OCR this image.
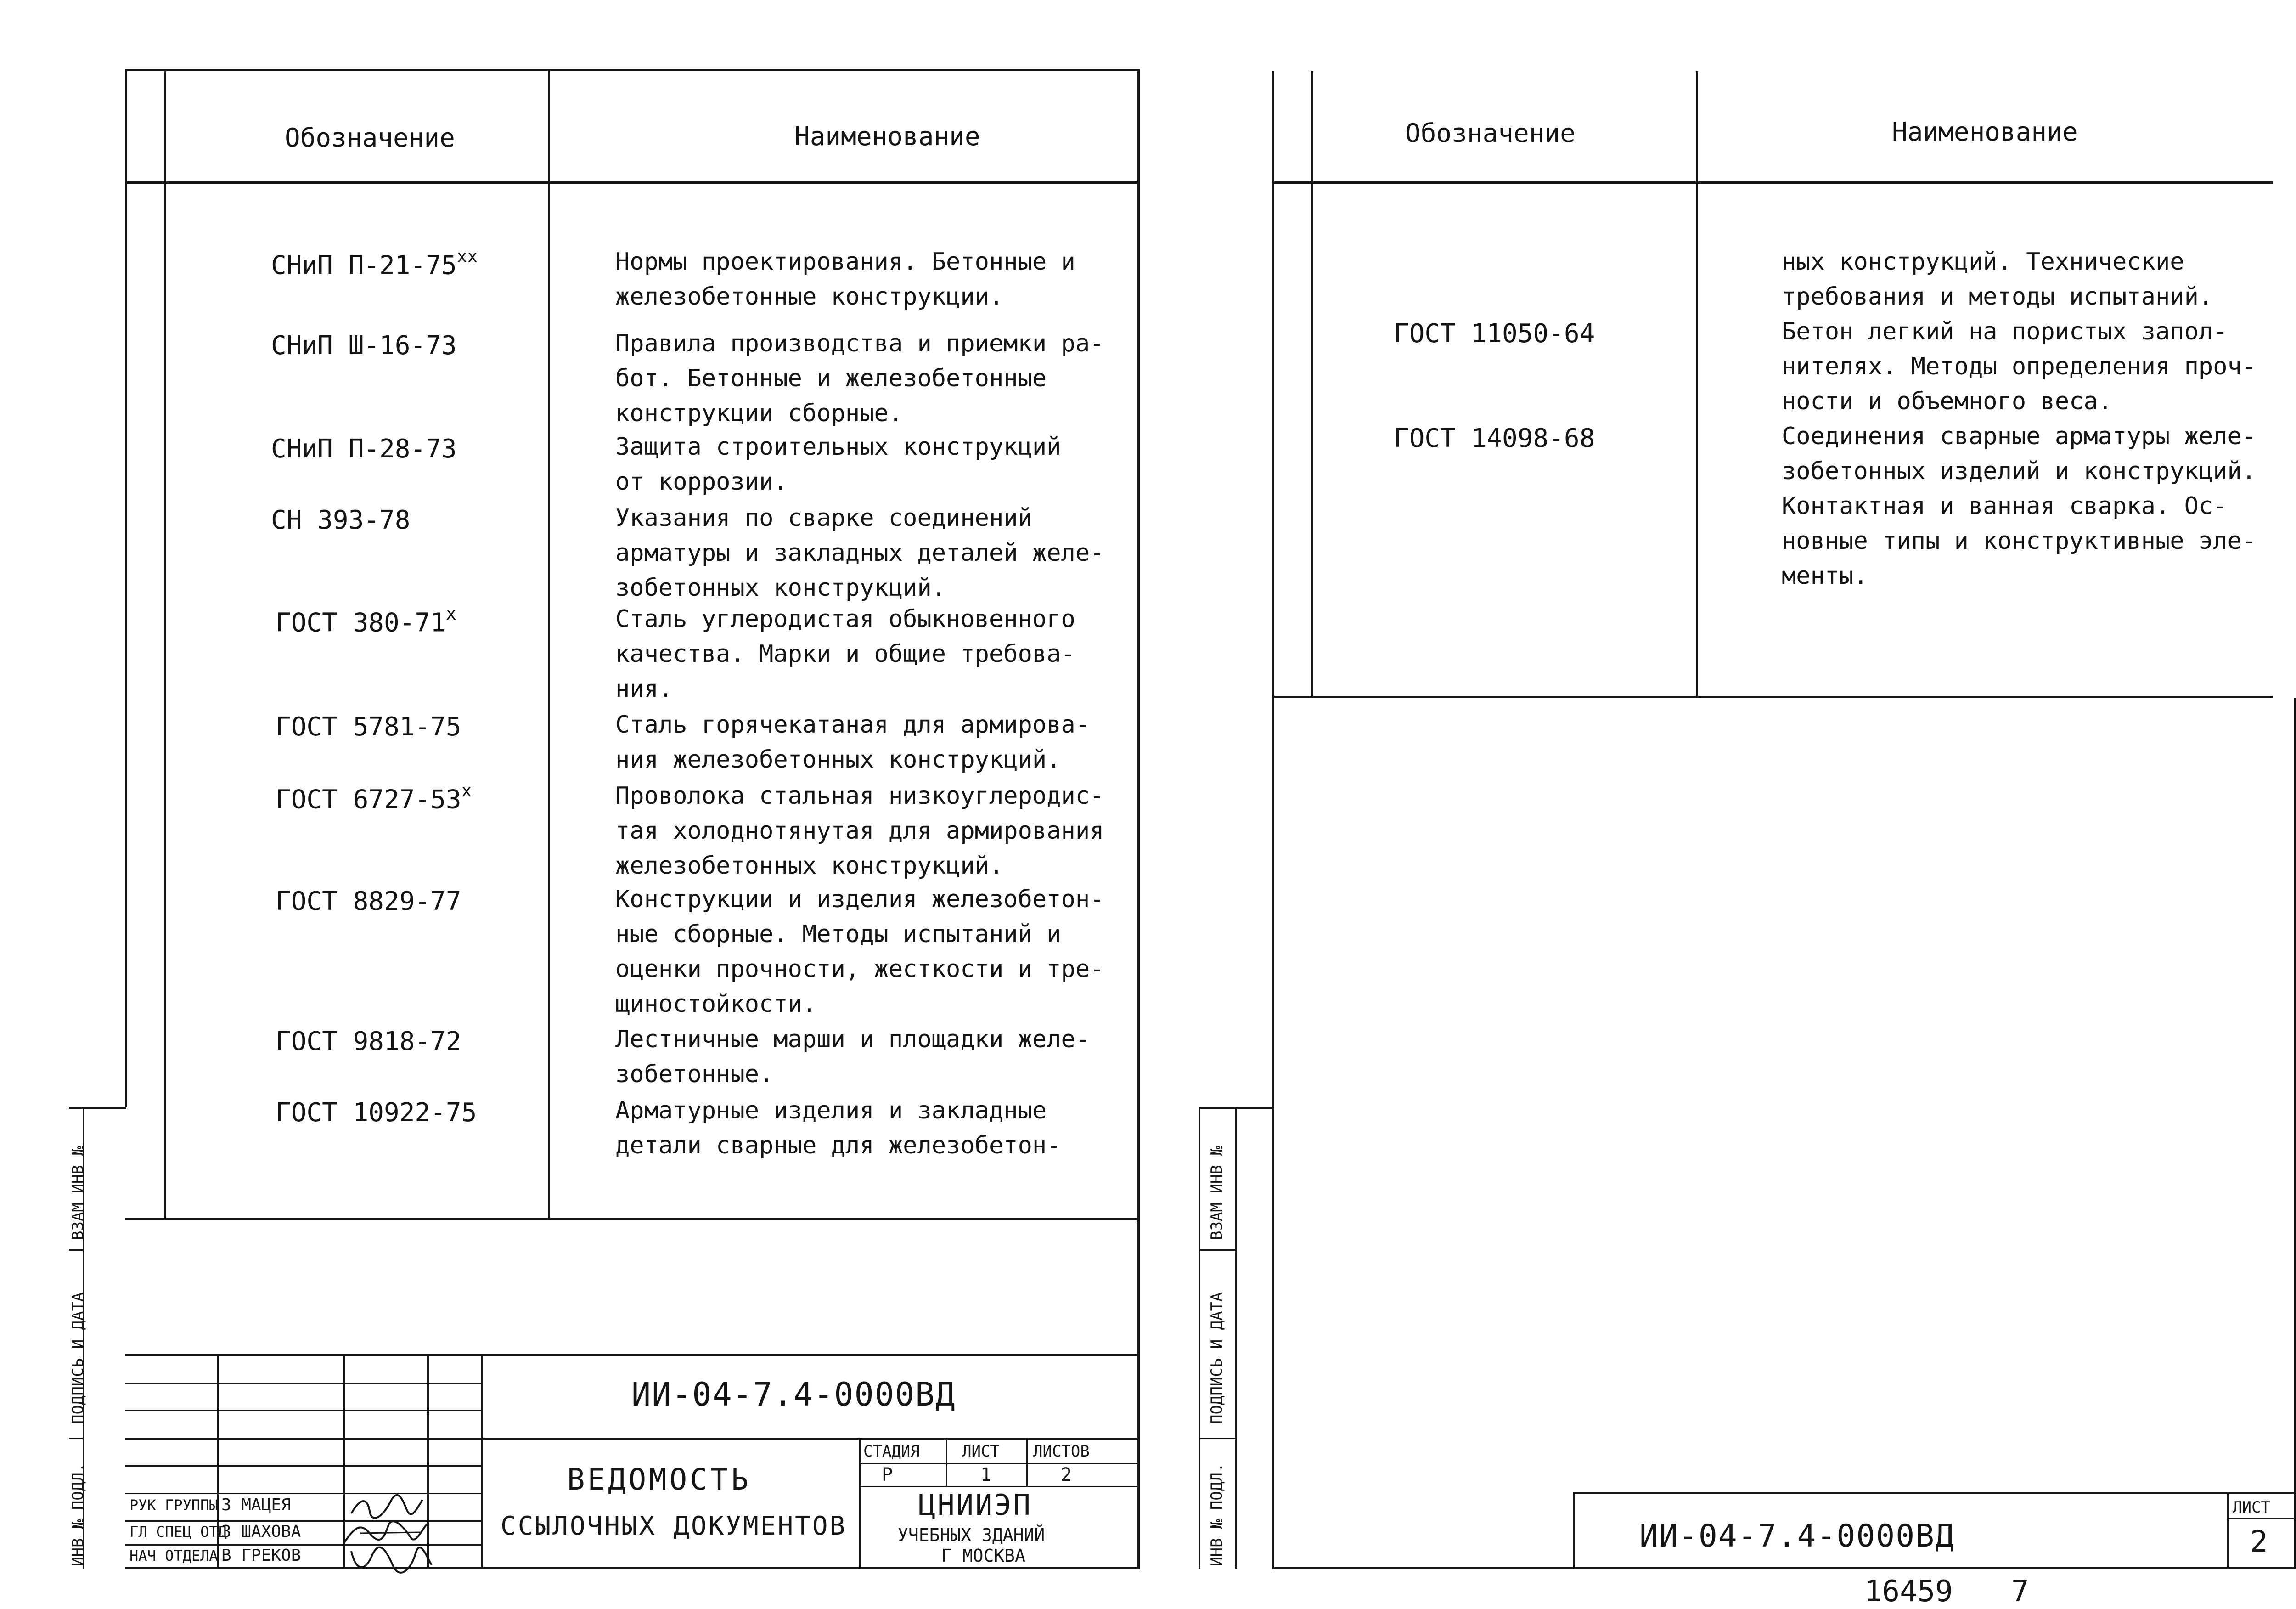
Обозначение	Наименование
СНиП П-21-75$^{xx}$	Нормы проектирования. Бетонные и
железобетонные конструкции.
СНиП Ш-16-73	Правила производства и приемки ра-
бот. Бетонные и железобетонные
конструкции сборные.
СНиП П-28-73	Защита строительных конструкций
от коррозии.
СН 393-78	Указания по сварке соединений
арматуры и закладных деталей желе-
зобетонных конструкций.
ГОСТ 380-71$^x$	Сталь углеродистая обыкновенного
качества. Марки и общие требова-
ния.
ГОСТ 5781-75	Сталь горячекатаная для армирова-
ния железобетонных конструкций.
ГОСТ 6727-53$^x$	Проволока стальная низкоуглеродис-
тая холоднотянутая для армирования
железобетонных конструкций.
ГОСТ 8829-77	Конструкции и изделия железобетон-
ные сборные. Методы испытаний и
оценки прочности, жесткости и тре-
щиностойкости.
ГОСТ 9818-72	Лестничные марши и площадки желе-
зобетонные.
ГОСТ 10922-75	Арматурные изделия и закладные
детали сварные для железобетон-
ИИ-04-7.4-0000ВД
ВЕДОМОСТЬ
ССЫЛОЧНЫХ ДОКУМЕНТОВ
СТАДИЯ	ЛИСТ ЛИСТОВ
Р	1	2
ЦНИИЭП
УЧЕБНЫХ ЗДАНИЙ
Г МОСКВА
РУК ГРУППЫ З МАЦЕЯ
ГЛ СПЕЦ ОТД
З ШАХОВА
НАЧ ОТДЕЛА В ГРЕКОВ
ИНВ № ПОДЛ.
ПОДПИСЬ И ДАТА
ВЗАМ ИНВ №
Обозначение	Наименование
ных конструкций. Технические
требования и методы испытаний.
ГОСТ 11050-64	Бетон легкий на пористых запол-
нителях. Методы определения проч-
ности и объемного веса.
ГОСТ 14098-68	Соединения сварные арматуры желе-
зобетонных изделий и конструкций.
Контактная и ванная сварка. Ос-
новные типы и конструктивные эле-
менты.
ИИ-04-7.4-0000ВД
ЛИСТ
2
ИНВ № ПОДЛ.
ПОДПИСЬ И ДАТА
ВЗАМ ИНВ №
16459 7
